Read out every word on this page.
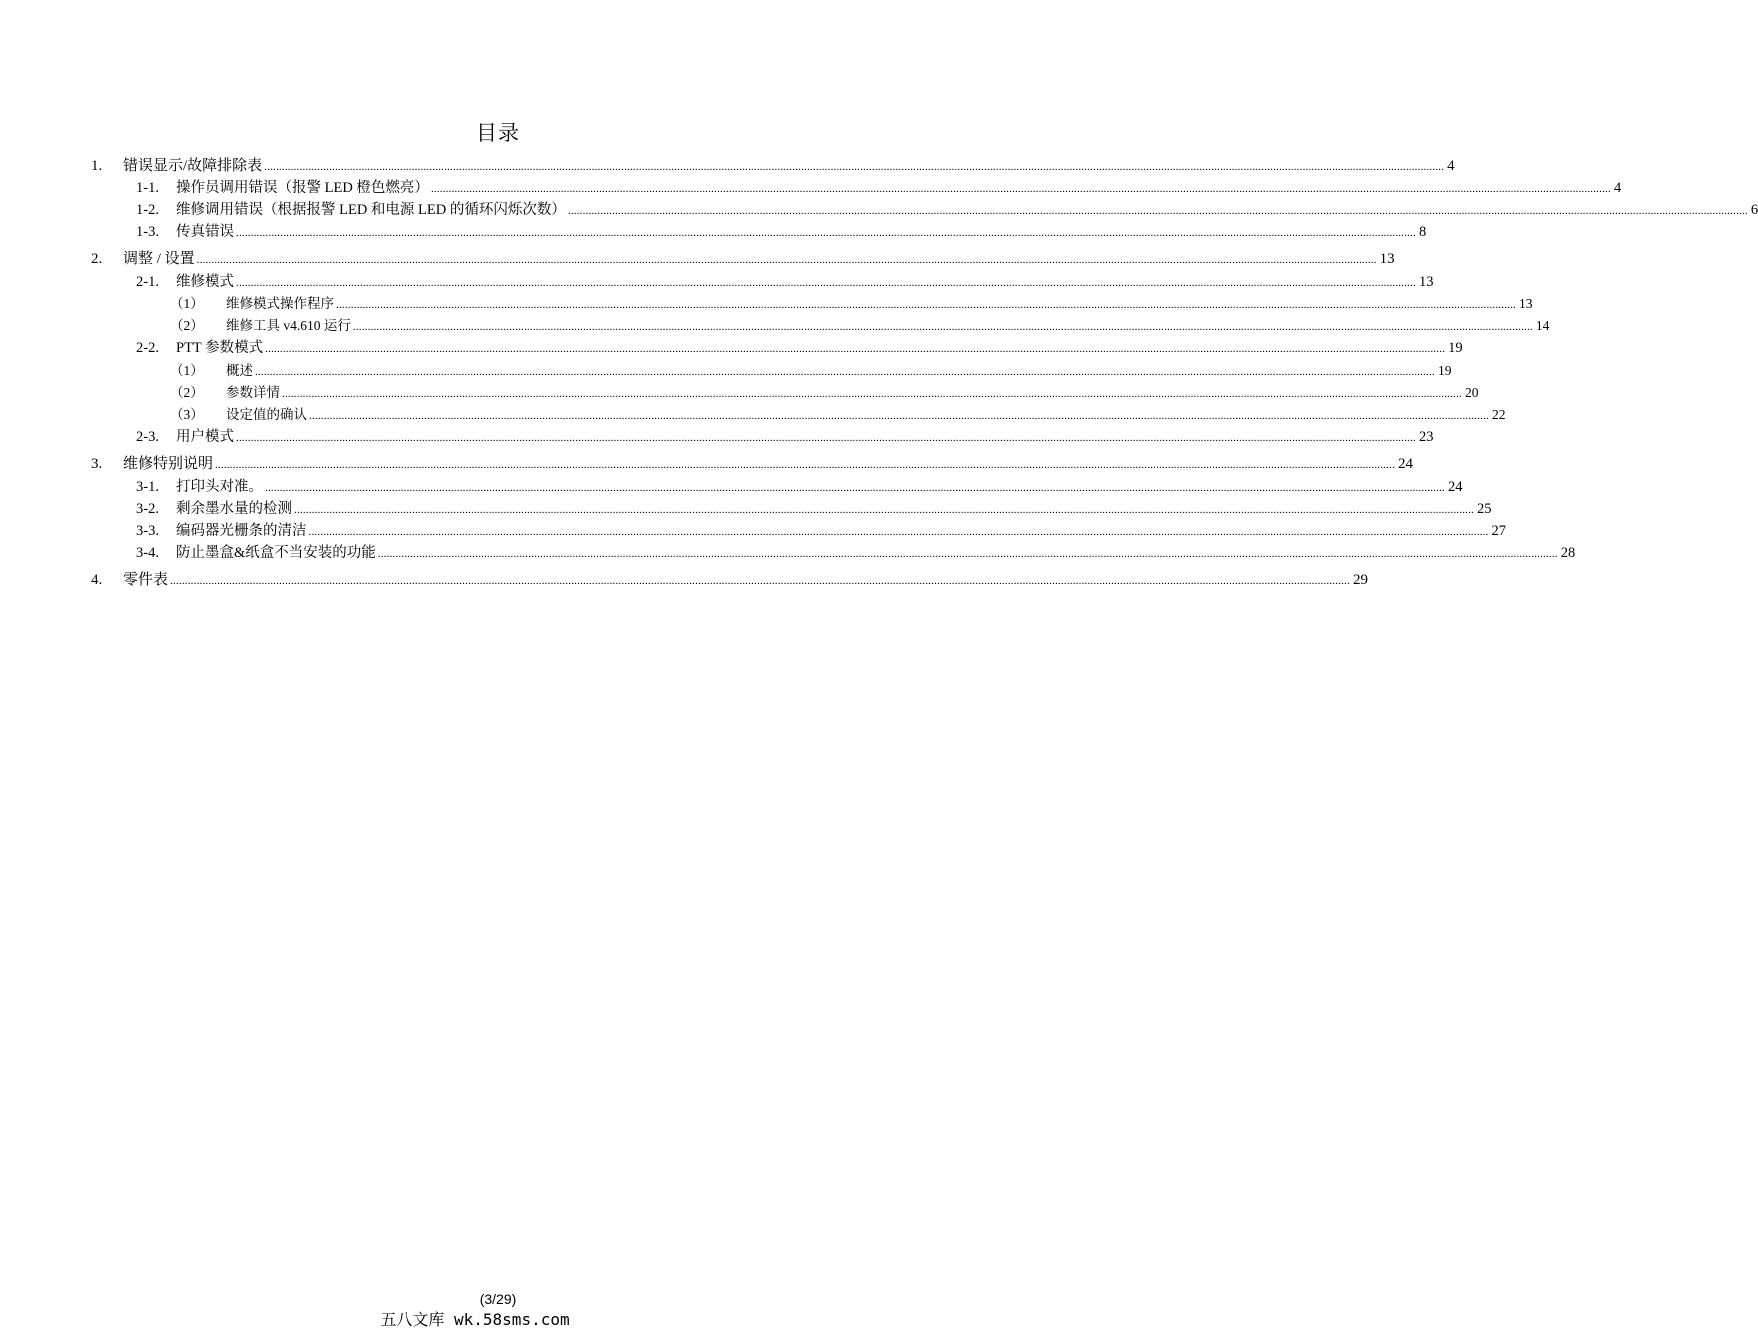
目录
1. 错误显示/故障排除表 ................................................................................................................................................................................................................................................................................................................................................................................................................ 4
1-1. 操作员调用错误（报警 LED 橙色燃亮） ................................................................................................................................................................................................................................................................................................................................................................................................................ 4
1-2. 维修调用错误（根据报警 LED 和电源 LED 的循环闪烁次数） ................................................................................................................................................................................................................................................................................................................................................................................................................ 6
1-3. 传真错误 ................................................................................................................................................................................................................................................................................................................................................................................................................ 8
2. 调整 / 设置 ................................................................................................................................................................................................................................................................................................................................................................................................................ 13
2-1. 维修模式 ................................................................................................................................................................................................................................................................................................................................................................................................................ 13
（1） 维修模式操作程序 ................................................................................................................................................................................................................................................................................................................................................................................................................ 13
（2） 维修工具 v4.610 运行 ................................................................................................................................................................................................................................................................................................................................................................................................................ 14
2-2. PTT 参数模式 ................................................................................................................................................................................................................................................................................................................................................................................................................ 19
（1） 概述 ................................................................................................................................................................................................................................................................................................................................................................................................................ 19
（2） 参数详情 ................................................................................................................................................................................................................................................................................................................................................................................................................ 20
（3） 设定值的确认 ................................................................................................................................................................................................................................................................................................................................................................................................................ 22
2-3. 用户模式 ................................................................................................................................................................................................................................................................................................................................................................................................................ 23
3. 维修特别说明 ................................................................................................................................................................................................................................................................................................................................................................................................................ 24
3-1. 打印头对准。 ................................................................................................................................................................................................................................................................................................................................................................................................................ 24
3-2. 剩余墨水量的检测 ................................................................................................................................................................................................................................................................................................................................................................................................................ 25
3-3. 编码器光栅条的清洁 ................................................................................................................................................................................................................................................................................................................................................................................................................ 27
3-4. 防止墨盒&纸盒不当安装的功能 ................................................................................................................................................................................................................................................................................................................................................................................................................ 28
4. 零件表 ................................................................................................................................................................................................................................................................................................................................................................................................................ 29
(3/29)
五八文库 wk.58sms.com
